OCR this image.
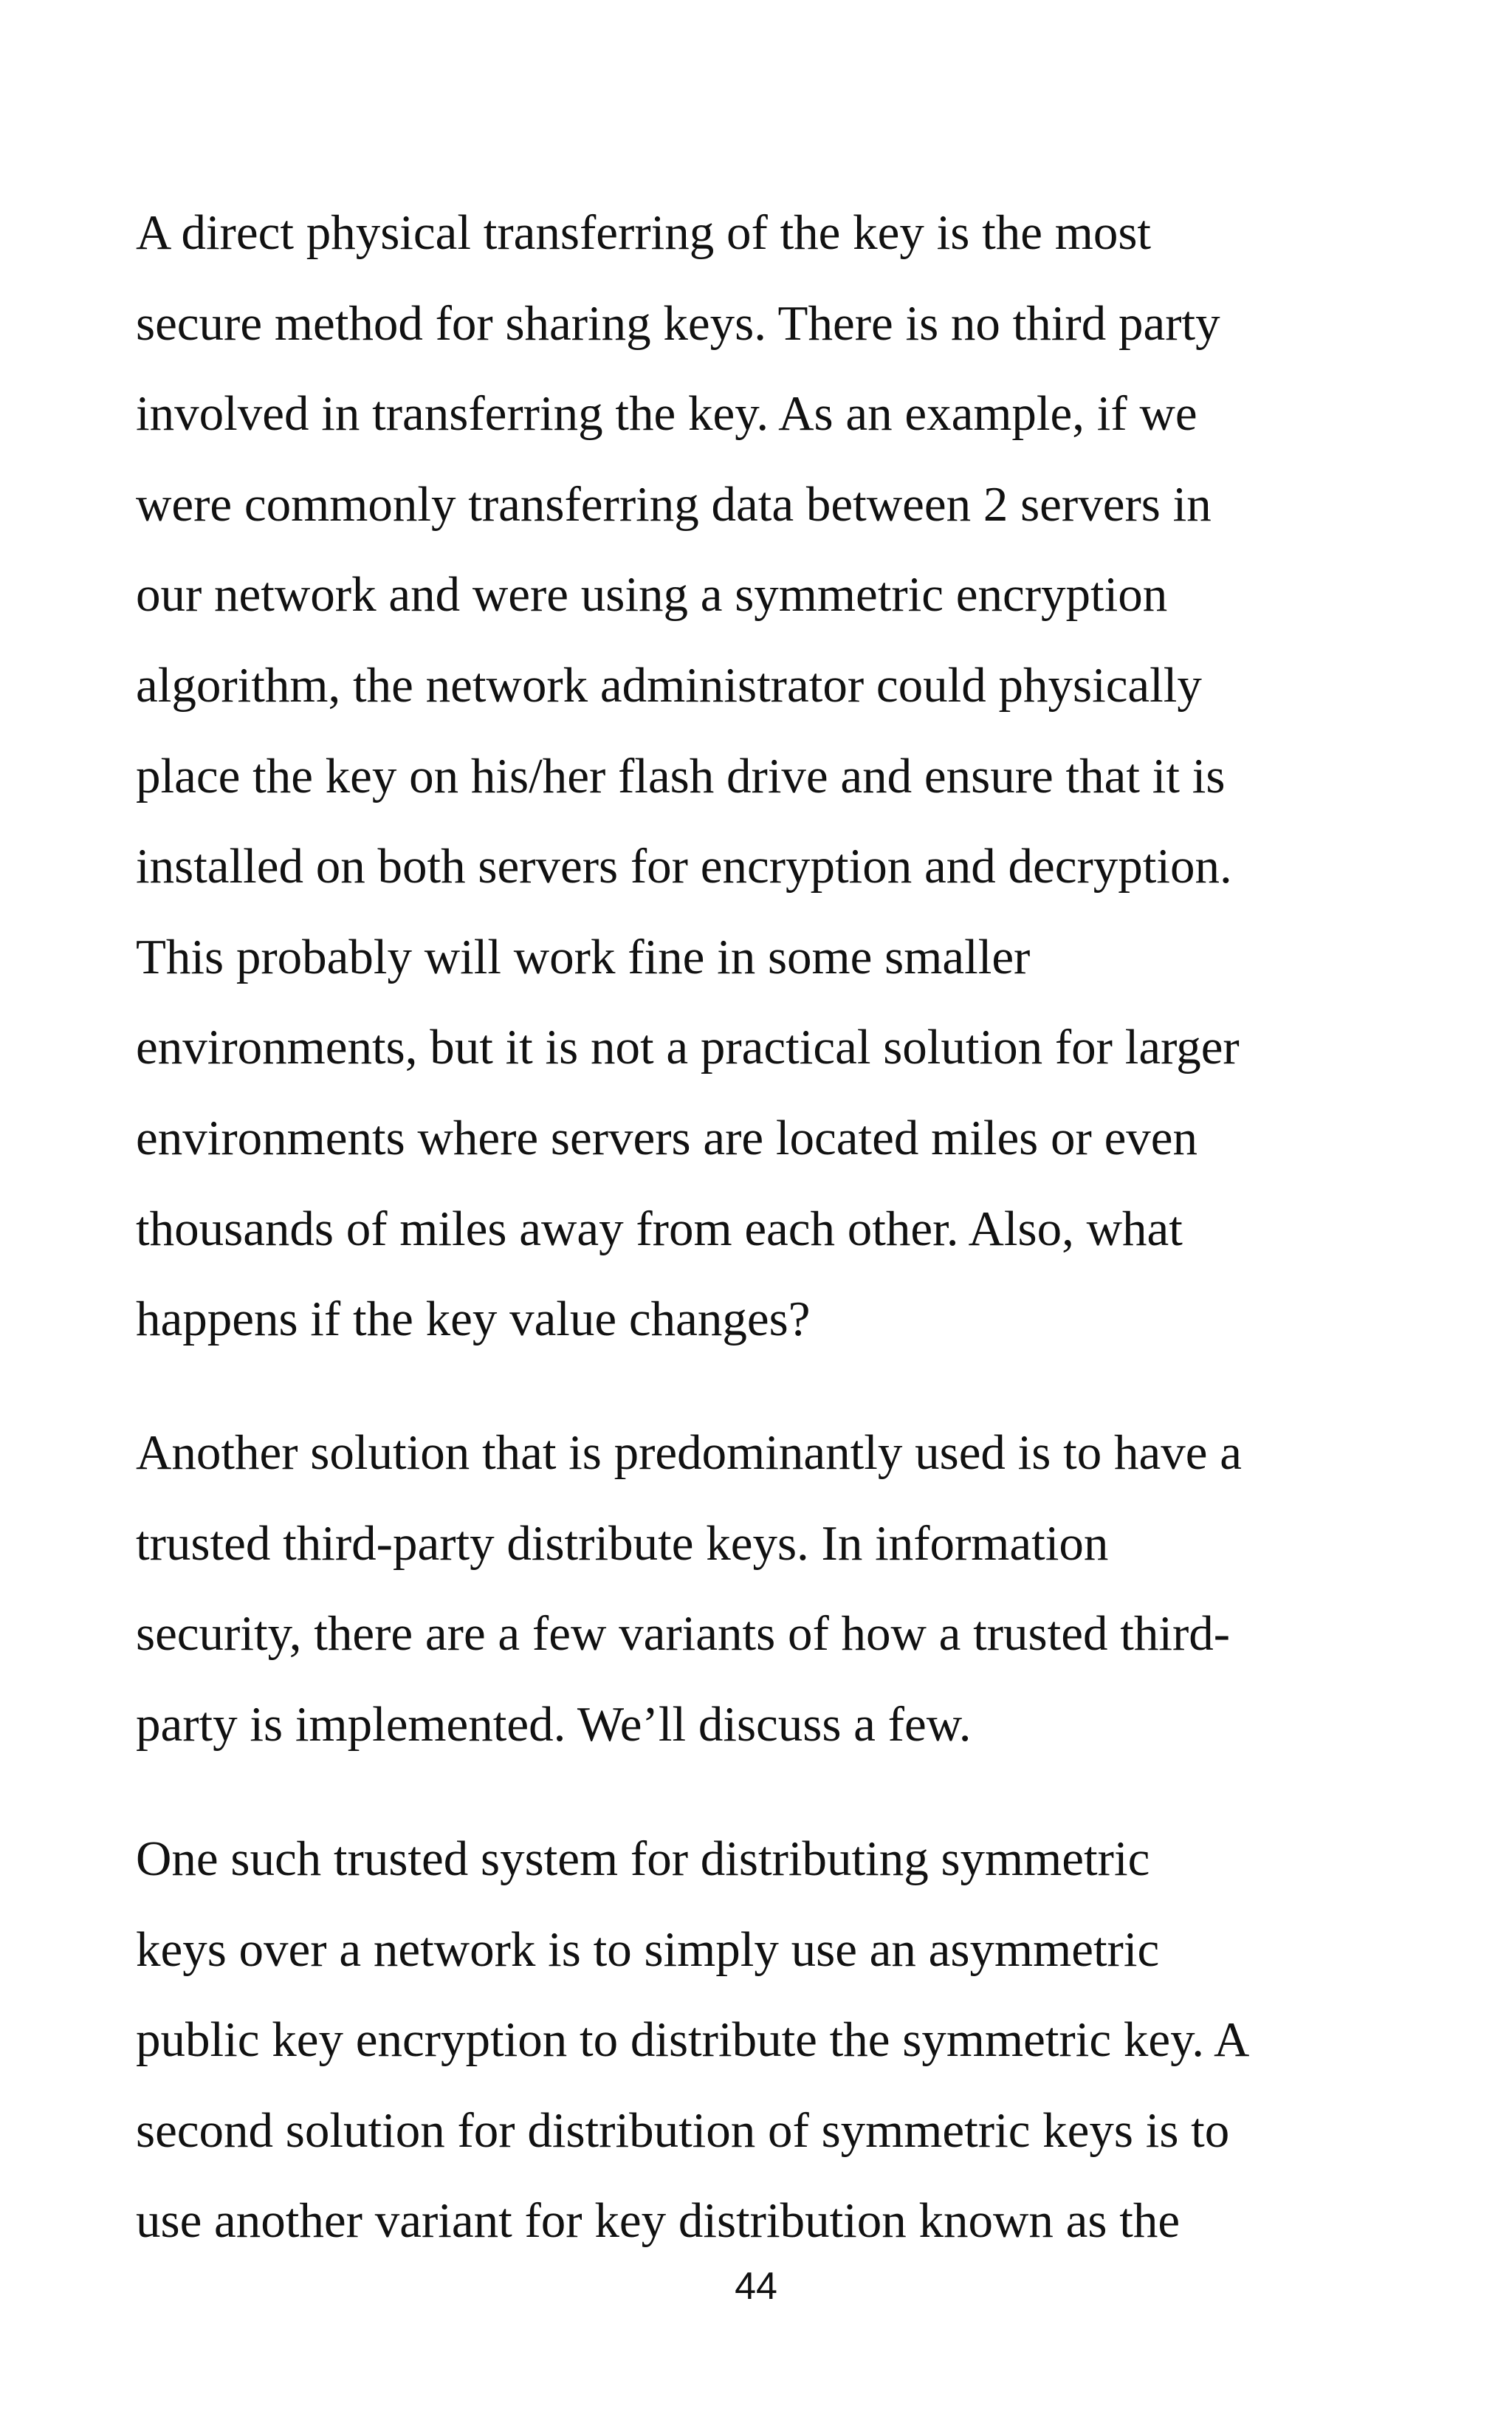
A direct physical transferring of the key is the most
secure method for sharing keys. There is no third party
involved in transferring the key. As an example, if we
were commonly transferring data between 2 servers in
our network and were using a symmetric encryption
algorithm, the network administrator could physically
place the key on his/her flash drive and ensure that it is
installed on both servers for encryption and decryption.
This probably will work fine in some smaller
environments, but it is not a practical solution for larger
environments where servers are located miles or even
thousands of miles away from each other. Also, what
happens if the key value changes?
Another solution that is predominantly used is to have a
trusted third-party distribute keys. In information
security, there are a few variants of how a trusted third-
party is implemented. We’ll discuss a few.
One such trusted system for distributing symmetric
keys over a network is to simply use an asymmetric
public key encryption to distribute the symmetric key. A
second solution for distribution of symmetric keys is to
use another variant for key distribution known as the
44
